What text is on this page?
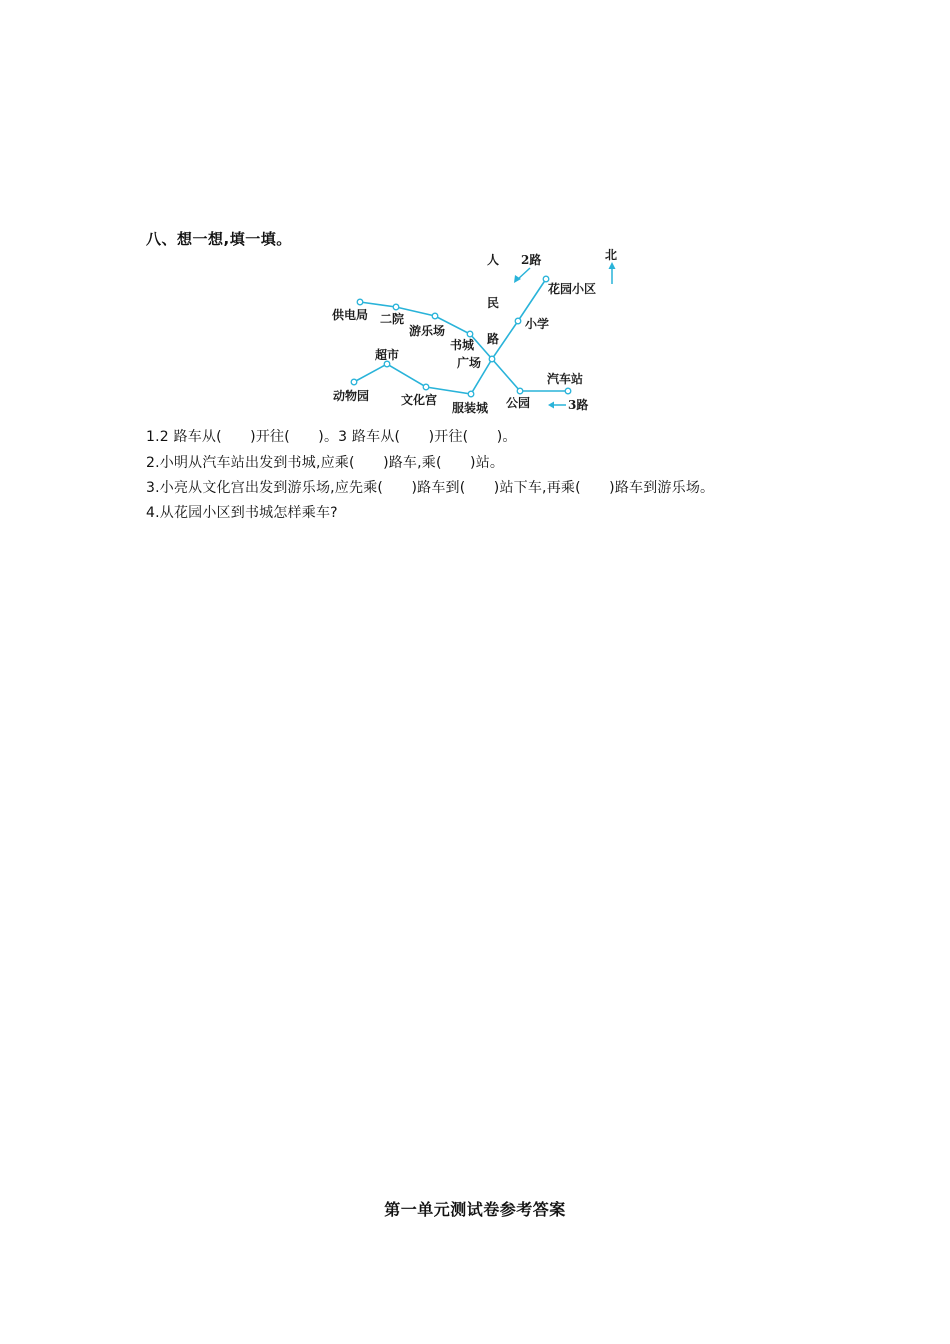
八、想一想,填一填。
人
民
路
2路	北
供电局 二院
游乐场
书城
广场
超市
动物园	文化宫
服装城 公园
汽车站
3路
小学
花园小区
1.2 路车从(　　)开往(　　)。3 路车从(　　)开往(　　)。
2.小明从汽车站出发到书城,应乘(　　)路车,乘(　　)站。
3.小亮从文化宫出发到游乐场,应先乘(　　)路车到(　　)站下车,再乘(　　)路车到游乐场。
4.从花园小区到书城怎样乘车?
第一单元测试卷参考答案
